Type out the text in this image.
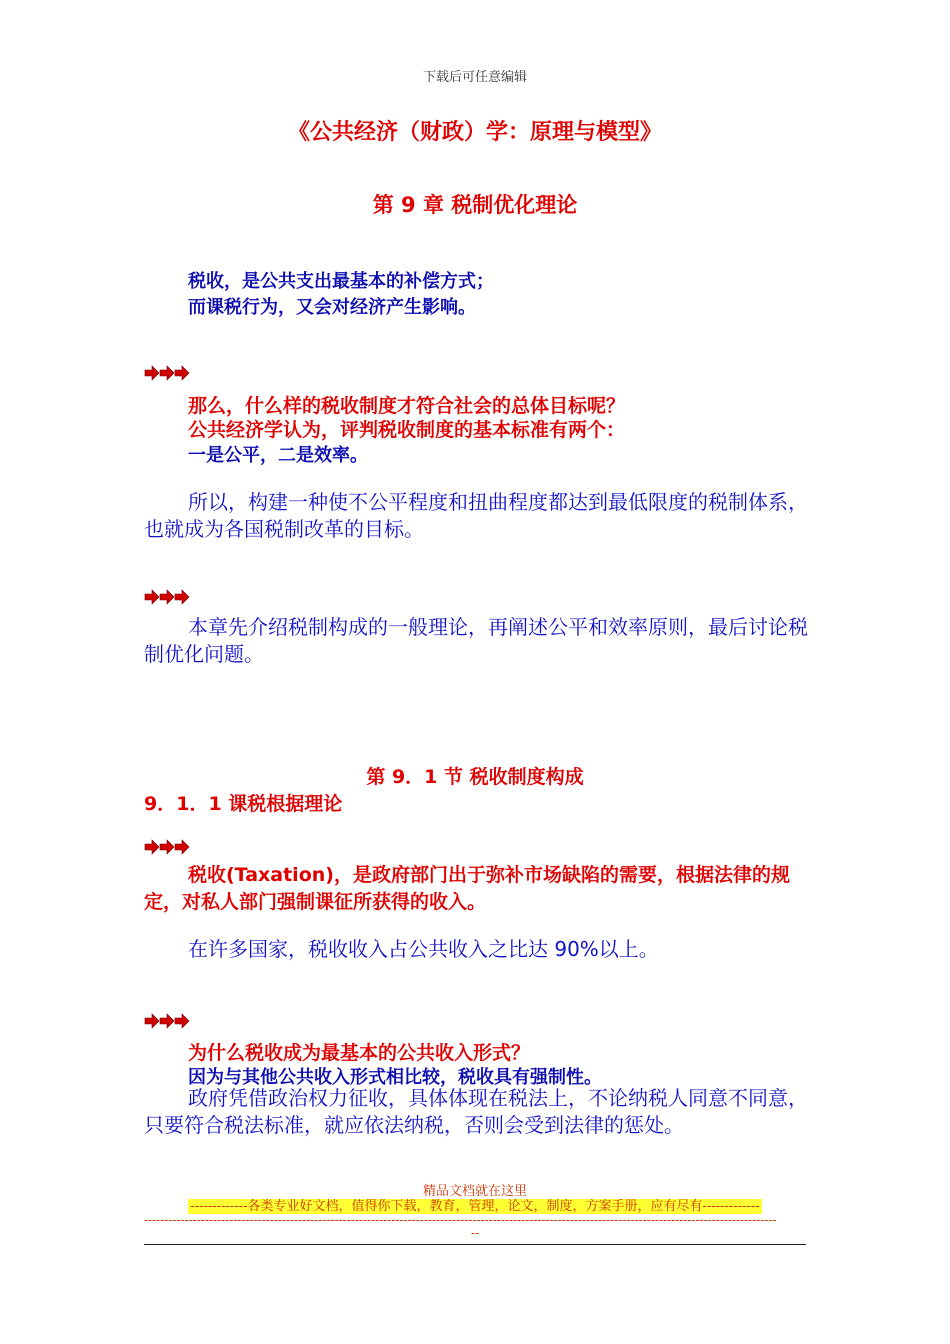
下载后可任意编辑
《公共经济（财政）学：原理与模型》
第 9 章 税制优化理论
税收，是公共支出最基本的补偿方式；
而课税行为，又会对经济产生影响。
那么，什么样的税收制度才符合社会的总体目标呢？
公共经济学认为，评判税收制度的基本标准有两个：
一是公平，二是效率。
所以，构建一种使不公平程度和扭曲程度都达到最低限度的税制体系，也就成为各国税制改革的目标。
本章先介绍税制构成的一般理论，再阐述公平和效率原则，最后讨论税制优化问题。
第 9．1 节 税收制度构成
9．1．1 课税根据理论
税收(Taxation)，是政府部门出于弥补市场缺陷的需要，根据法律的规定，对私人部门强制课征所获得的收入。
在许多国家，税收收入占公共收入之比达 90%以上。
为什么税收成为最基本的公共收入形式？
因为与其他公共收入形式相比较，税收具有强制性。
政府凭借政治权力征收，具体体现在税法上，不论纳税人同意不同意，只要符合税法标准，就应依法纳税，否则会受到法律的惩处。
精品文档就在这里
-------------各类专业好文档，值得你下载，教育，管理，论文，制度，方案手册，应有尽有-------------
------------------------------------------------------------------------------------------------------------------------------------------------------------
--
